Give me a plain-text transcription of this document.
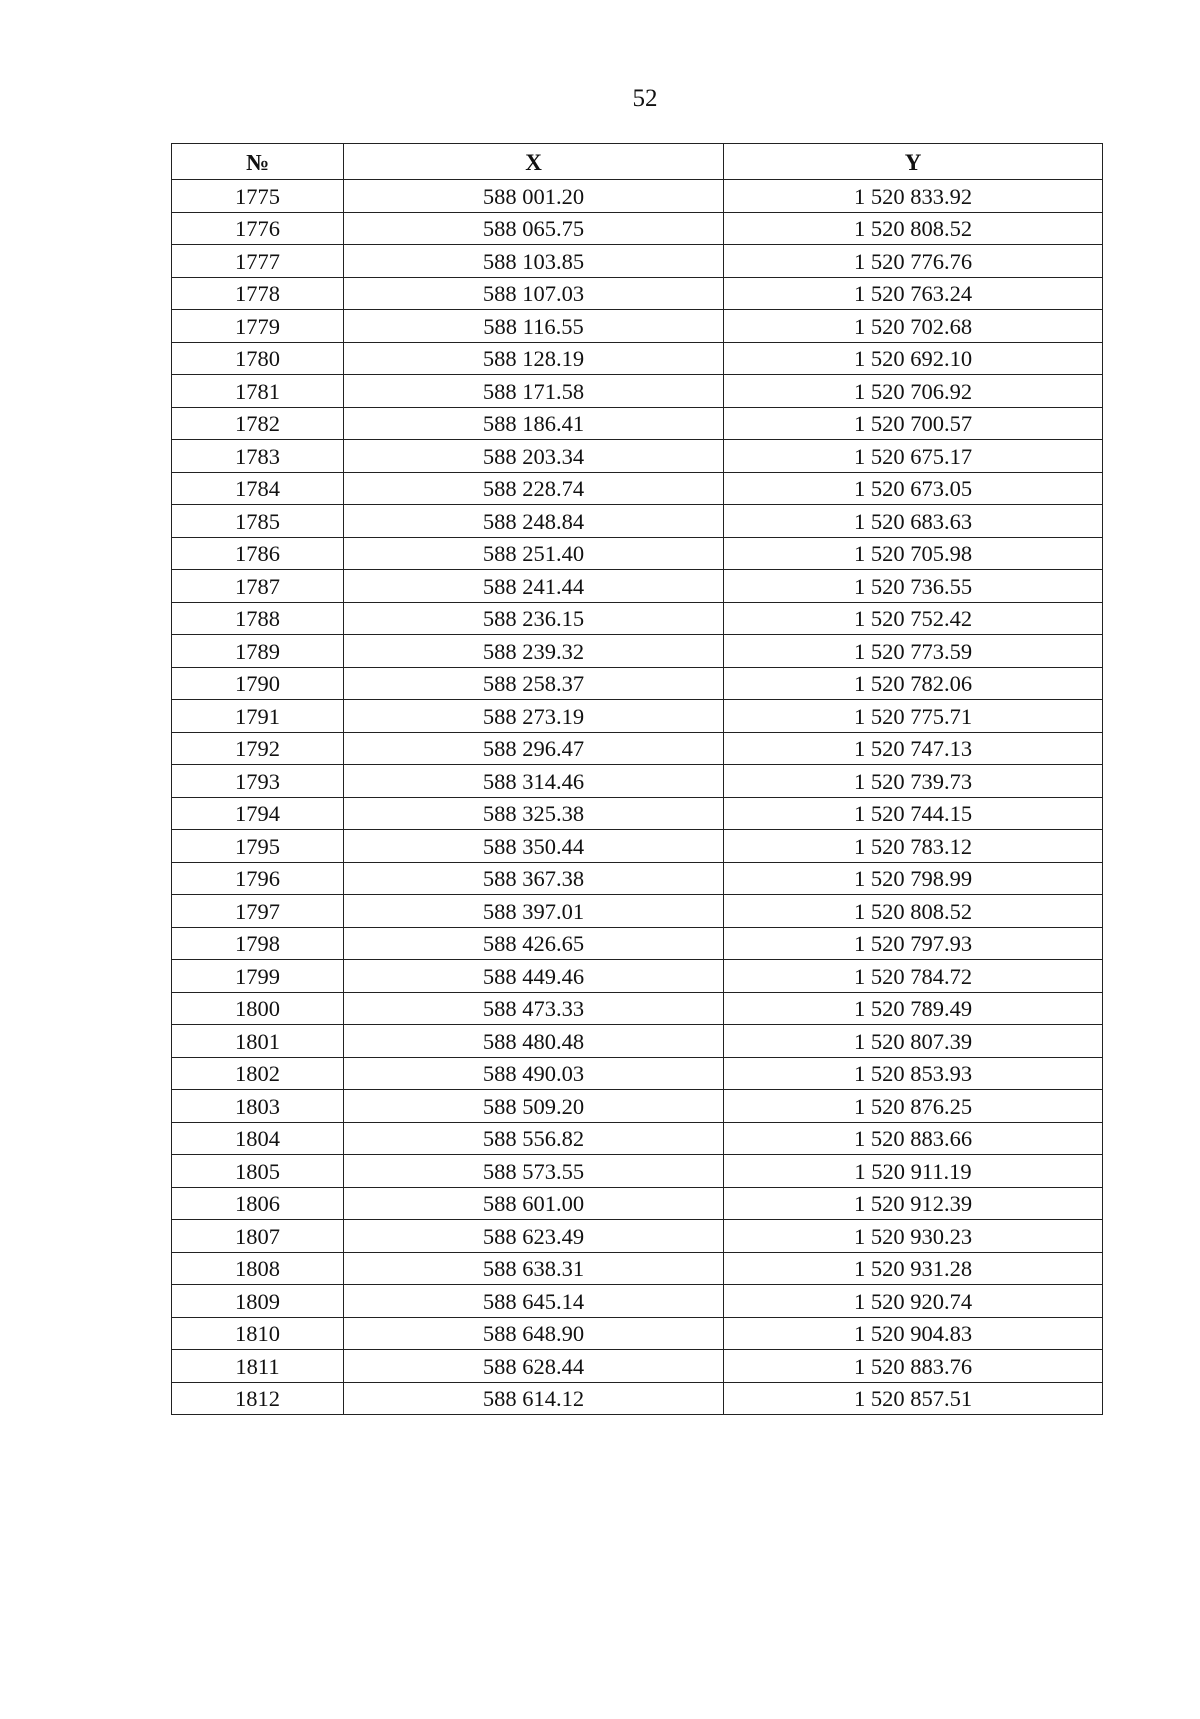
52
№	X	Y
1775	588 001.20	1 520 833.92
1776	588 065.75	1 520 808.52
1777	588 103.85	1 520 776.76
1778	588 107.03	1 520 763.24
1779	588 116.55	1 520 702.68
1780	588 128.19	1 520 692.10
1781	588 171.58	1 520 706.92
1782	588 186.41	1 520 700.57
1783	588 203.34	1 520 675.17
1784	588 228.74	1 520 673.05
1785	588 248.84	1 520 683.63
1786	588 251.40	1 520 705.98
1787	588 241.44	1 520 736.55
1788	588 236.15	1 520 752.42
1789	588 239.32	1 520 773.59
1790	588 258.37	1 520 782.06
1791	588 273.19	1 520 775.71
1792	588 296.47	1 520 747.13
1793	588 314.46	1 520 739.73
1794	588 325.38	1 520 744.15
1795	588 350.44	1 520 783.12
1796	588 367.38	1 520 798.99
1797	588 397.01	1 520 808.52
1798	588 426.65	1 520 797.93
1799	588 449.46	1 520 784.72
1800	588 473.33	1 520 789.49
1801	588 480.48	1 520 807.39
1802	588 490.03	1 520 853.93
1803	588 509.20	1 520 876.25
1804	588 556.82	1 520 883.66
1805	588 573.55	1 520 911.19
1806	588 601.00	1 520 912.39
1807	588 623.49	1 520 930.23
1808	588 638.31	1 520 931.28
1809	588 645.14	1 520 920.74
1810	588 648.90	1 520 904.83
1811	588 628.44	1 520 883.76
1812	588 614.12	1 520 857.51
